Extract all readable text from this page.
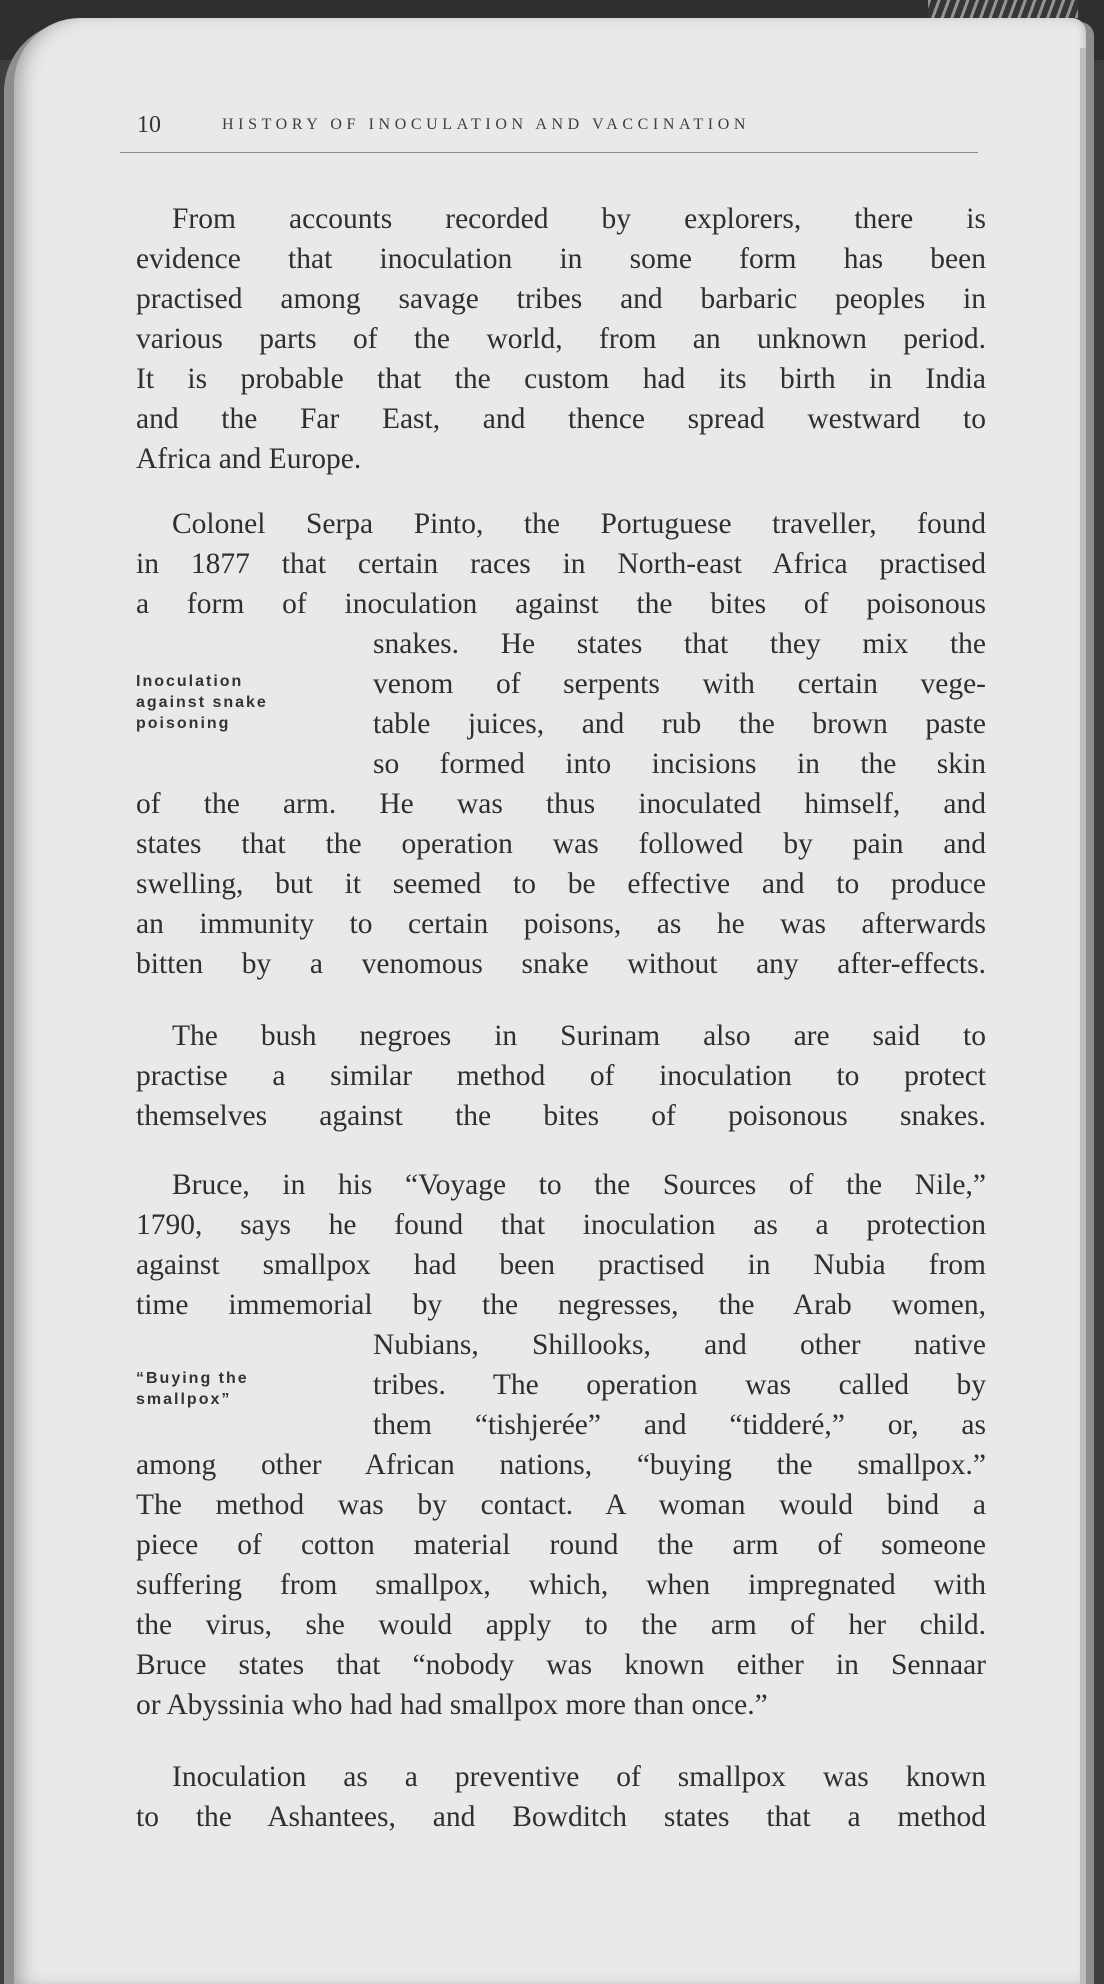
10	HISTORY OF INOCULATION AND VACCINATION
From accounts recorded by explorers, there is
evidence that inoculation in some form has been
practised among savage tribes and barbaric peoples in
various parts of the world, from an unknown period.
It is probable that the custom had its birth in India
and the Far East, and thence spread westward to
Africa and Europe.
Colonel Serpa Pinto, the Portuguese traveller, found
in 1877 that certain races in North-east Africa practised
a form of inoculation against the bites of poisonous
snakes. He states that they mix the
venom of serpents with certain vege-
table juices, and rub the brown paste
so formed into incisions in the skin
of the arm. He was thus inoculated himself, and
states that the operation was followed by pain and
swelling, but it seemed to be effective and to produce
an immunity to certain poisons, as he was afterwards
bitten by a venomous snake without any after-effects.
Inoculation
against snake
poisoning
The bush negroes in Surinam also are said to
practise a similar method of inoculation to protect
themselves against the bites of poisonous snakes.
Bruce, in his “Voyage to the Sources of the Nile,”
1790, says he found that inoculation as a protection
against smallpox had been practised in Nubia from
time immemorial by the negresses, the Arab women,
Nubians, Shillooks, and other native
tribes. The operation was called by
them “tishjerée” and “tidderé,” or, as
among other African nations, “buying the smallpox.”
The method was by contact. A woman would bind a
piece of cotton material round the arm of someone
suffering from smallpox, which, when impregnated with
the virus, she would apply to the arm of her child.
Bruce states that “nobody was known either in Sennaar
or Abyssinia who had had smallpox more than once.”
“Buying the
smallpox”
Inoculation as a preventive of smallpox was known
to the Ashantees, and Bowditch states that a method
